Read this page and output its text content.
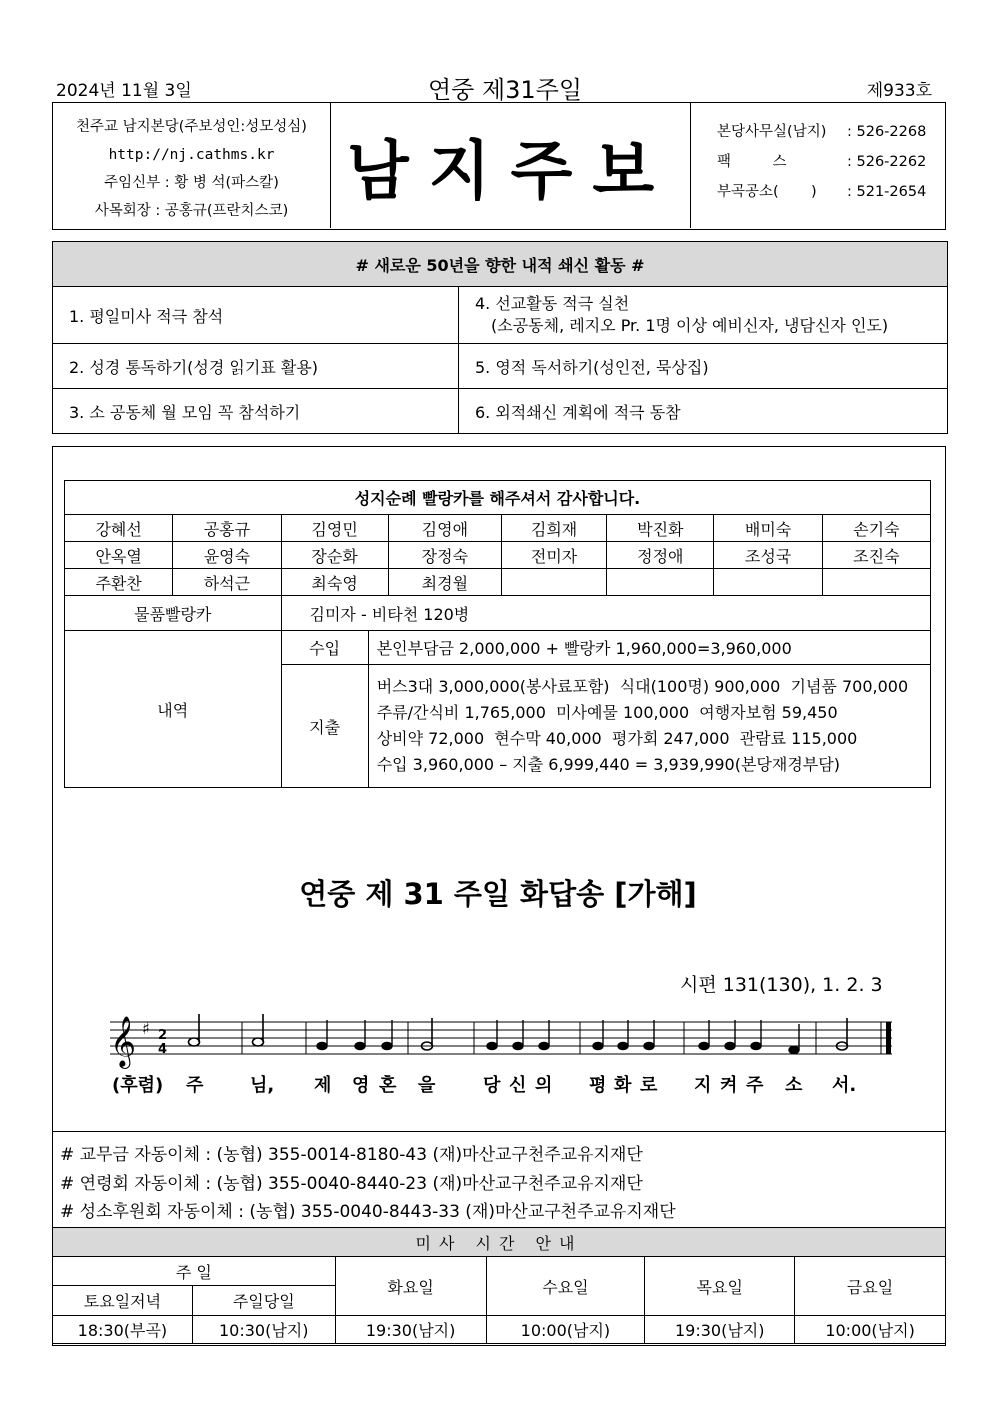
2024년 11월 3일	연중 제31주일	제933호
천주교 남지본당(주보성인:성모성심)
http://nj.cathms.kr
주임신부 : 황 병 석(파스칼)
사목회장 : 공홍규(프란치스코)
남지주보
본당사무실(남지)	: 526-2268
팩         스	: 526-2262
부곡공소(       )	: 521-2654
# 새로운 50년을 향한 내적 쇄신 활동 #	
1. 평일미사 적극 참석	4. 선교활동 적극 실천
(소공동체, 레지오 Pr. 1명 이상 예비신자, 냉담신자 인도)

2. 성경 통독하기(성경 읽기표 활용)	5. 영적 독서하기(성인전, 묵상집)
3. 소 공동체 월 모임 꼭 참석하기	6. 외적쇄신 계획에 적극 동참
성지순례 빨랑카를 해주셔서 감사합니다.								
강혜선	공홍규	김영민		김영애	김희재	박진화	배미숙	손기숙
안옥열	윤영숙	장순화		장정숙	전미자	정정애	조성국	조진숙
주환찬	하석근	최숙영		최경월				
물품빨랑카		김미자 - 비타천 120병						
내역		수입	본인부담금 2,000,000 + 빨랑카 1,960,000=3,960,000					
		지출	버스3대 3,000,000(봉사료포함)  식대(100명) 900,000  기념품 700,000
주류/간식비 1,765,000  미사예물 100,000  여행자보험 59,450
상비약 72,000  현수막 40,000  평가회 247,000  관람료 115,000
수입 3,960,000 – 지출 6,999,440 = 3,939,990(본당재경부담)					
연중 제 31 주일 화답송 [가해]
시편 131(130), 1. 2. 3
𝄞 ♯ 2
4
(후렴) 주	님, 제 영 혼 을	당 신 의 평 화 로 지 켜 주 소 서.
# 교무금 자동이체 : (농협) 355-0014-8180-43 (재)마산교구천주교유지재단
# 연령회 자동이체 : (농협) 355-0040-8440-23 (재)마산교구천주교유지재단
# 성소후원회 자동이체 : (농협) 355-0040-8443-33 (재)마산교구천주교유지재단
미사 시간 안내					
주 일		화요일	수요일	목요일	금요일
토요일저녁	주일당일				
18:30(부곡)	10:30(남지)	19:30(남지)	10:00(남지)	19:30(남지)	10:00(남지)
